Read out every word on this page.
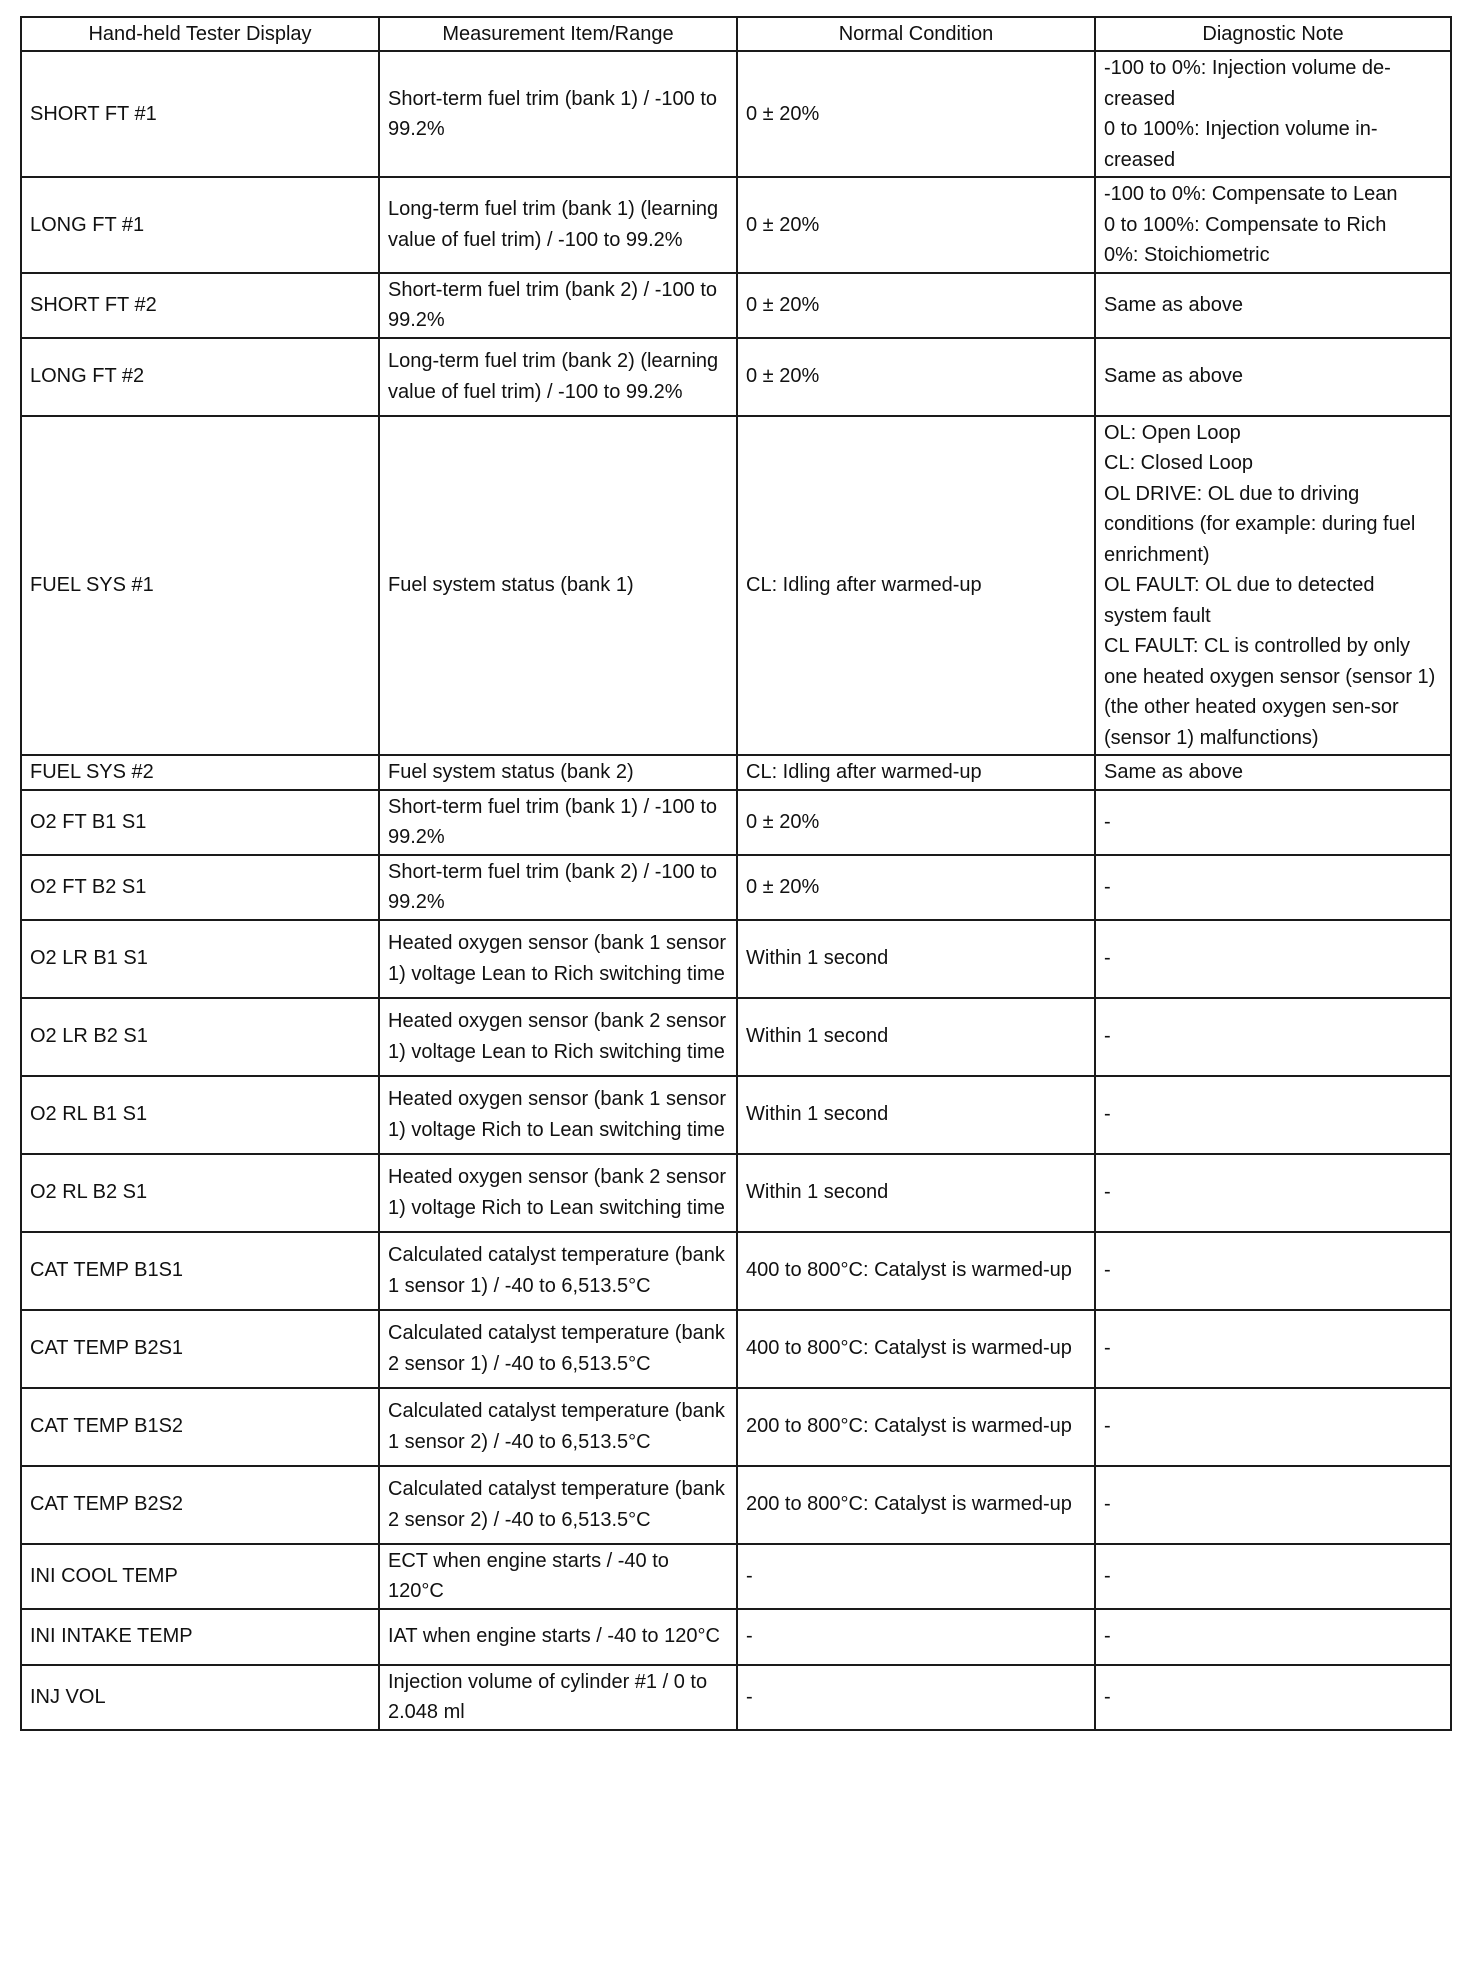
Hand-held Tester Display	Measurement Item/Range	Normal Condition	Diagnostic Note
SHORT FT #1	Short-term fuel trim (bank 1) / -100 to 99.2%	0 ± 20%	-100 to 0%: Injection volume de-creased
0 to 100%: Injection volume in-creased

LONG FT #1	Long-term fuel trim (bank 1) (learning value of fuel trim) / -100 to 99.2%	0 ± 20%	-100 to 0%: Compensate to Lean
0 to 100%: Compensate to Rich
0%: Stoichiometric

SHORT FT #2	Short-term fuel trim (bank 2) / -100 to 99.2%	0 ± 20%	Same as above
LONG FT #2	Long-term fuel trim (bank 2) (learning value of fuel trim) / -100 to 99.2%	0 ± 20%	Same as above
FUEL SYS #1	Fuel system status (bank 1)	CL: Idling after warmed-up	OL: Open Loop
CL: Closed Loop
OL DRIVE: OL due to driving conditions (for example: during fuel enrichment)
OL FAULT: OL due to detected system fault
CL FAULT: CL is controlled by only one heated oxygen sensor (sensor 1) (the other heated oxygen sen-sor (sensor 1) malfunctions)

FUEL SYS #2	Fuel system status (bank 2)	CL: Idling after warmed-up	Same as above
O2 FT B1 S1	Short-term fuel trim (bank 1) / -100 to 99.2%	0 ± 20%	-
O2 FT B2 S1	Short-term fuel trim (bank 2) / -100 to 99.2%	0 ± 20%	-
O2 LR B1 S1	Heated oxygen sensor (bank 1 sensor 1) voltage Lean to Rich switching time	Within 1 second	-
O2 LR B2 S1	Heated oxygen sensor (bank 2 sensor 1) voltage Lean to Rich switching time	Within 1 second	-
O2 RL B1 S1	Heated oxygen sensor (bank 1 sensor 1) voltage Rich to Lean switching time	Within 1 second	-
O2 RL B2 S1	Heated oxygen sensor (bank 2 sensor 1) voltage Rich to Lean switching time	Within 1 second	-
CAT TEMP B1S1	Calculated catalyst temperature (bank 1 sensor 1) / -40 to 6,513.5°C	400 to 800°C: Catalyst is warmed-up	-
CAT TEMP B2S1	Calculated catalyst temperature (bank 2 sensor 1) / -40 to 6,513.5°C	400 to 800°C: Catalyst is warmed-up	-
CAT TEMP B1S2	Calculated catalyst temperature (bank 1 sensor 2) / -40 to 6,513.5°C	200 to 800°C: Catalyst is warmed-up	-
CAT TEMP B2S2	Calculated catalyst temperature (bank 2 sensor 2) / -40 to 6,513.5°C	200 to 800°C: Catalyst is warmed-up	-
INI COOL TEMP	ECT when engine starts / -40 to 120°C	-	-
INI INTAKE TEMP	IAT when engine starts / -40 to 120°C	-	-
INJ VOL	Injection volume of cylinder #1 / 0 to 2.048 ml	-	-
